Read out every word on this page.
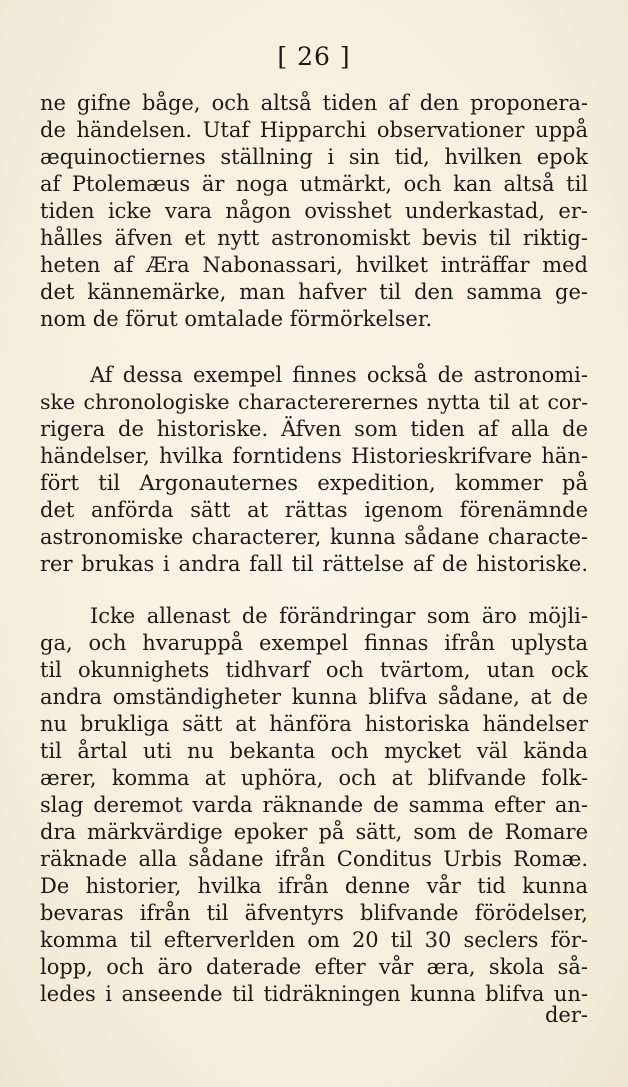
[ 26 ]
ne gifne båge, och altså tiden af den proponera-
de händelsen. Utaf Hipparchi observationer uppå
æquinoctiernes ställning i sin tid, hvilken epok
af Ptolemæus är noga utmärkt, och kan altså til
tiden icke vara någon ovisshet underkastad, er-
hålles äfven et nytt astronomiskt bevis til riktig-
heten af Æra Nabonassari, hvilket inträffar med
det kännemärke, man hafver til den samma ge-
nom de förut omtalade förmörkelser.
Af dessa exempel finnes också de astronomi-
ske chronologiske charactererernes nytta til at cor-
rigera de historiske. Äfven som tiden af alla de
händelser, hvilka forntidens Historieskrifvare hän-
fört til Argonauternes expedition, kommer på
det anförda sätt at rättas igenom förenämnde
astronomiske characterer, kunna sådane characte-
rer brukas i andra fall til rättelse af de historiske.
Icke allenast de förändringar som äro möjli-
ga, och hvaruppå exempel finnas ifrån uplysta
til okunnighets tidhvarf och tvärtom, utan ock
andra omständigheter kunna blifva sådane, at de
nu brukliga sätt at hänföra historiska händelser
til årtal uti nu bekanta och mycket väl kända
ærer, komma at uphöra, och at blifvande folk-
slag deremot varda räknande de samma efter an-
dra märkvärdige epoker på sätt, som de Romare
räknade alla sådane ifrån Conditus Urbis Romæ.
De historier, hvilka ifrån denne vår tid kunna
bevaras ifrån til äfventyrs blifvande förödelser,
komma til efterverlden om 20 til 30 seclers för-
lopp, och äro daterade efter vår æra, skola så-
ledes i anseende til tidräkningen kunna blifva un-
der-
